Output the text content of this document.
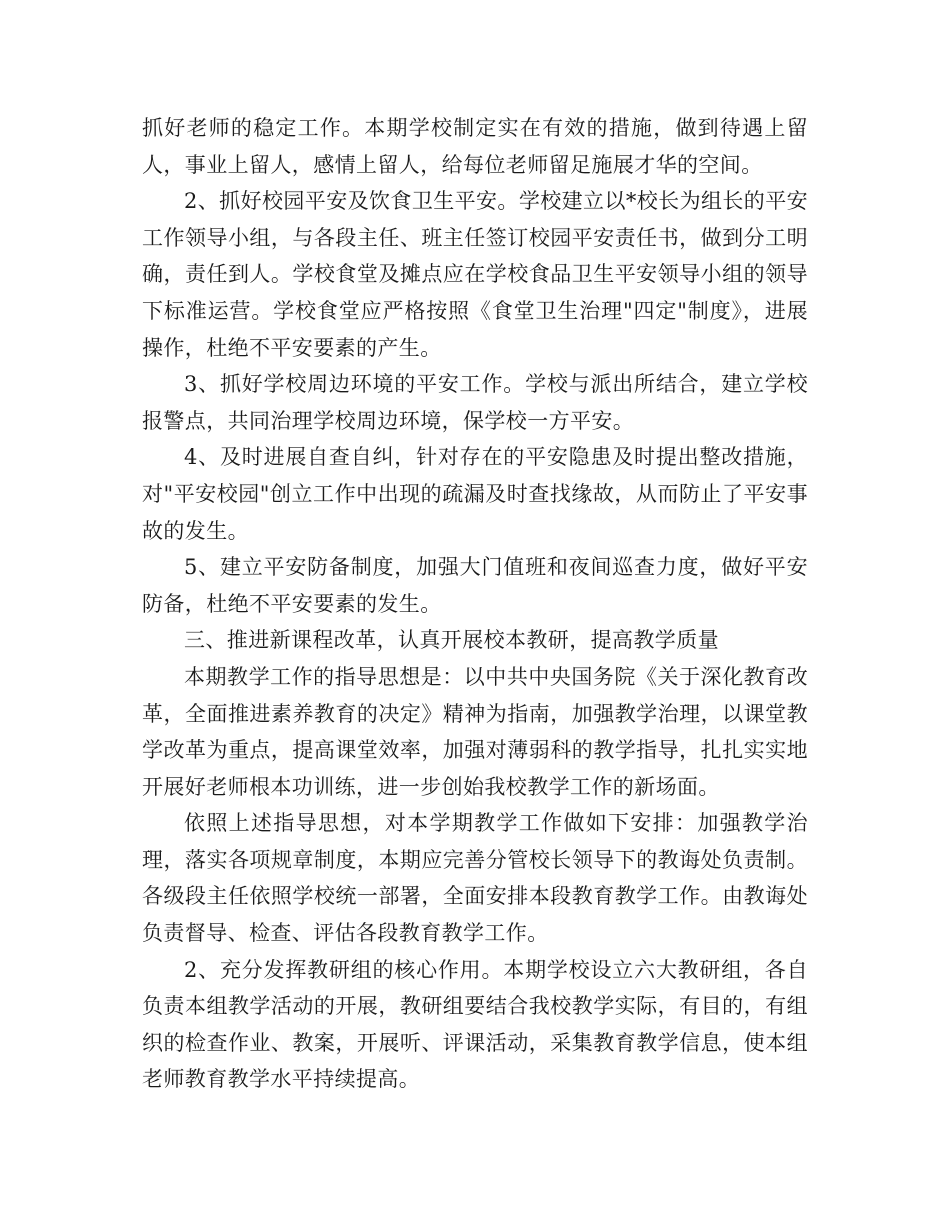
抓好老师的稳定工作。本期学校制定实在有效的措施，做到待遇上留人，事业上留人，感情上留人，给每位老师留足施展才华的空间。

2、抓好校园平安及饮食卫生平安。学校建立以*校长为组长的平安工作领导小组，与各段主任、班主任签订校园平安责任书，做到分工明确，责任到人。学校食堂及摊点应在学校食品卫生平安领导小组的领导下标准运营。学校食堂应严格按照《食堂卫生治理"四定"制度》，进展操作，杜绝不平安要素的产生。

3、抓好学校周边环境的平安工作。学校与派出所结合，建立学校报警点，共同治理学校周边环境，保学校一方平安。

4、及时进展自查自纠，针对存在的平安隐患及时提出整改措施，对"平安校园"创立工作中出现的疏漏及时查找缘故，从而防止了平安事故的发生。

5、建立平安防备制度，加强大门值班和夜间巡查力度，做好平安防备，杜绝不平安要素的发生。

三、推进新课程改革，认真开展校本教研，提高教学质量

本期教学工作的指导思想是：以中共中央国务院《关于深化教育改革，全面推进素养教育的决定》精神为指南，加强教学治理，以课堂教学改革为重点，提高课堂效率，加强对薄弱科的教学指导，扎扎实实地开展好老师根本功训练，进一步创始我校教学工作的新场面。

依照上述指导思想，对本学期教学工作做如下安排：加强教学治理，落实各项规章制度，本期应完善分管校长领导下的教诲处负责制。各级段主任依照学校统一部署，全面安排本段教育教学工作。由教诲处负责督导、检查、评估各段教育教学工作。

2、充分发挥教研组的核心作用。本期学校设立六大教研组，各自负责本组教学活动的开展，教研组要结合我校教学实际，有目的，有组织的检查作业、教案，开展听、评课活动，采集教育教学信息，使本组老师教育教学水平持续提高。
